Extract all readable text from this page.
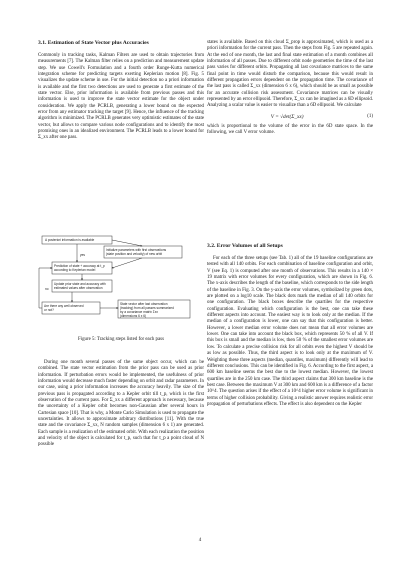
3.1. Estimation of State Vector plus Accuracies

Commonly in tracking tasks, Kalman Filters are used to obtain trajectories from measurements [7]. The Kalman filter relies on a prediction and measurement update step. We use Cowell's Formulation and a fourth order Runge-Kutta numerical integration scheme for predicting targets exerting Keplerian motion [8]. Fig. 5 visualizes the update scheme in use. For the initial detection no a priori information is available and the first two detections are used to generate a first estimate of the state vector. Else, prior information is available from previous passes and this information is used to improve the state vector estimate for the object under consideration. We apply the PCRLB, generating a lower bound on the expected error from any estimator tracking the target [9]. Hence, the influence of the tracking algorithm is minimized. The PCRLB generates very optimistic estimates of the state vector, but allows to compare various node configurations and to identify the most promising ones in an idealized environment. The PCRLB leads to a lower bound for Σ_xx after one pass.

A posteriori information is available
yes
no
Initialize parameters with first observations
(state position and velocity) of new orbit
Prediction of state + accuracy at t_p
according to Keplerian model
Update prior state and accuracy with
estimated values after observation
Are there any well observed
or not?
State vector after last observation
(tracking) from all passes summarized
by a covariance matrix Σxx
(dimensions 6 x 6)
Figure 5: Tracking steps listed for each pass

During one month several passes of the same object occur, which can be combined. The state vector estimation from the prior pass can be used as prior information. If perturbation errors would be implemented, the usefulness of prior information would decrease much faster depending on orbit and radar parameters. In our case, using a prior information increases the accuracy heavily. The size of the previous pass is propagated according to a Kepler orbit till t_p, which is the first observation of the current pass. For Σ_xx a different approach is necessary, because the uncertainty of a Kepler orbit becomes non-Gaussian after several hours in Cartesian space [10]. That is why, a Monte Carlo Simulation is used to propagate the uncertainties. It allows to approximate arbitrary distributions [11]. With the true state and the covariance Σ_xx, N random samples (dimension 6 x 1) are generated. Each sample is a realization of the estimated orbit. With each realization the position and velocity of the object is calculated for t_p, such that for t_p a point cloud of N possible

states is available. Based on this cloud Σ_prop is approximated, which is used as a priori information for the current pass. Then the steps from Fig. 5 are repeated again. At the end of one month, the last and final state estimation of a month combines all information of all passes. Due to different orbit node geometries the time of the last pass varies for different orbits. Propagating all last covariance matrices to the same final point in time would disturb the comparison, because this would result in different propagation errors dependent on the propagation time. The covariance of the last pass is called Σ_xx (dimension 6 x 6), which should be as small as possible for an accurate collision risk assessment. Covariance matrices can be visually represented by an error ellipsoid. Therefore, Σ_xx can be imagined as a 6D ellipsoid. Analyzing a scalar value is easier to visualize than a 6D ellipsoid. We calculate

V = √det(Σ_xx)	(1)

which is proportional to the volume of the error in the 6D state space. In the following, we call V error volume.

3.2. Error Volumes of all Setups

For each of the three setups (see Tab. 1) all of the 19 baseline configurations are tested with all 140 orbits. For each combination of baseline configuration and orbit, V (see Eq. 1) is computed after one month of observations. This results in a 140 × 19 matrix with error volumes for every configuration, which are shown in Fig. 6. The x-axis describes the length of the baseline, which corresponds to the side length of the baseline in Fig. 3. On the y-axis the error volumes, symbolized by green dots, are plotted on a log10 scale. The black dots mark the median of all 140 orbits for one configuration. The black boxes describe the quartiles for the respective configuration. Evaluating which configuration is the best, one can take these different aspects into account. The easiest way is to look only at the median. If the median of a configuration is lower, one can say that this configuration is better. However, a lower median error volume does not mean that all error volumes are lower. One can take into account the black box, which represents 50 % of all V. If this box is small and the median is low, then 50 % of the smallest error volumes are low. To calculate a precise collision risk for all orbits even the highest V should be as low as possible. Thus, the third aspect is to look only at the maximum of V. Weighting these three aspects (median, quantiles, maximum) differently will lead to different conclusions. This can be identified in Fig. 6. According to the first aspect, a 600 km baseline seems the best due to the lowest median. However, the lowest quartiles are in the 250 km case. The third aspect claims that 300 km baseline is the best case. Between the maximum V at 300 km and 600 km is a difference of a factor 10^4. The question arises if the effect of a 10^4 higher error volume is significant in terms of higher collision probability. Giving a realistic answer requires realistic error propagation of perturbations effects. The effect is also dependent on the Kepler

4
